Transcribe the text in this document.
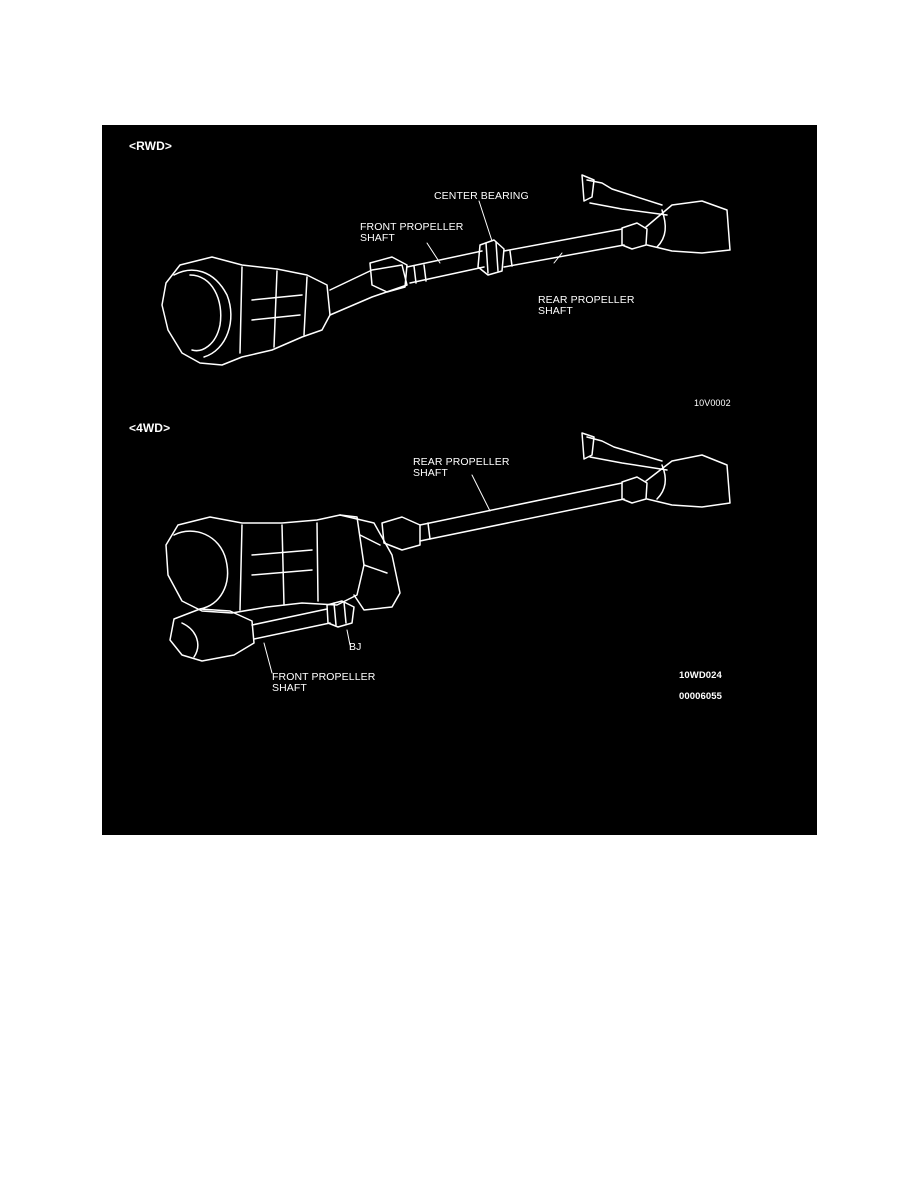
<RWD>
CENTER BEARING
FRONT PROPELLER
SHAFT
REAR PROPELLER
SHAFT
10V0002
<4WD>
REAR PROPELLER
SHAFT
BJ
FRONT PROPELLER
SHAFT
10WD024
00006055
